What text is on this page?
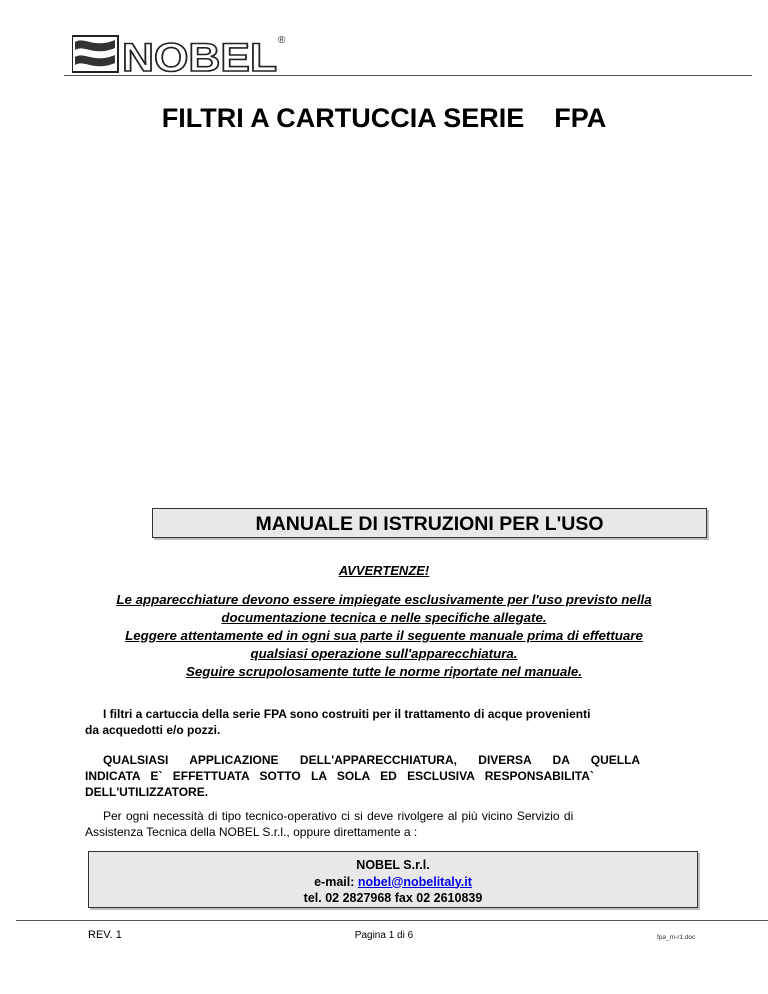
NOBEL ®
FILTRI A CARTUCCIA SERIE    FPA
MANUALE DI ISTRUZIONI PER L'USO
AVVERTENZE!
Le apparecchiature devono essere impiegate esclusivamente per l'uso previsto nella
documentazione tecnica e nelle specifiche allegate.
Leggere attentamente ed in ogni sua parte il seguente manuale prima di effettuare
qualsiasi operazione sull'apparecchiatura.
Seguire scrupolosamente tutte le norme riportate nel manuale.
I filtri a cartuccia della serie FPA sono costruiti per il trattamento di acque provenienti
da acquedotti e/o pozzi.
QUALSIASI APPLICAZIONE DELL'APPARECCHIATURA, DIVERSA DA QUELLA
INDICATA E` EFFETTUATA SOTTO LA SOLA ED ESCLUSIVA RESPONSABILITA`
DELL'UTILIZZATORE.
Per ogni necessità di tipo tecnico-operativo ci si deve rivolgere al più vicino Servizio di
Assistenza Tecnica della NOBEL S.r.l., oppure direttamente a :
NOBEL S.r.l.
e-mail: nobel@nobelitaly.it
tel. 02 2827968 fax 02 2610839
REV. 1	Pagina 1 di 6	fpa_m-r1.doc
